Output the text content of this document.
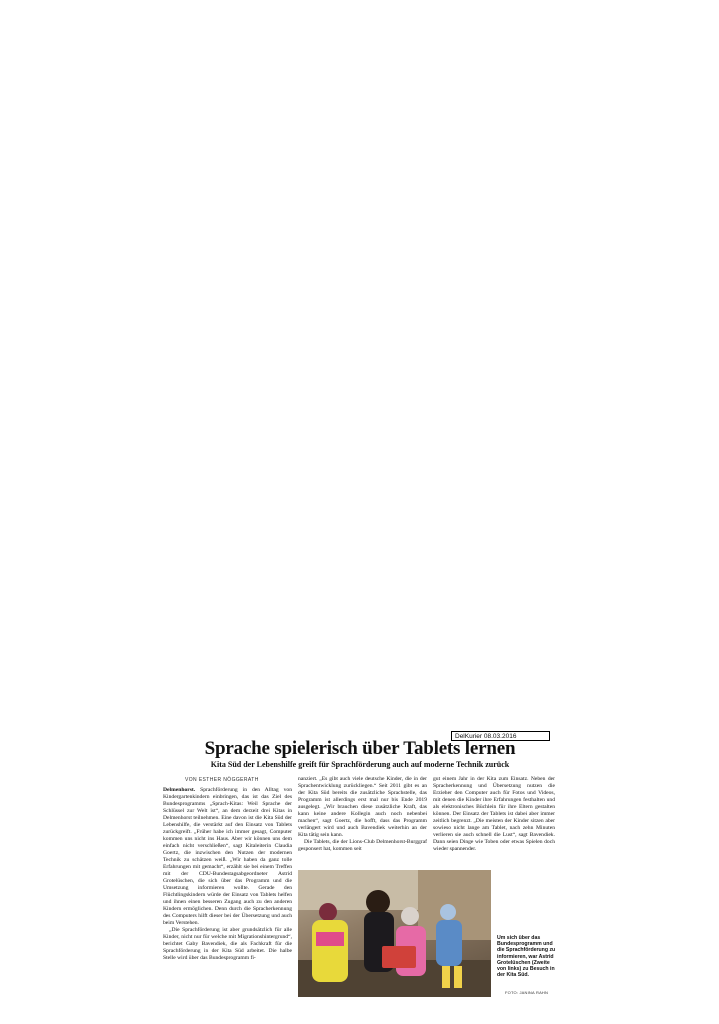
DelKurier 08.03.2016
Sprache spielerisch über Tablets lernen
Kita Süd der Lebenshilfe greift für Sprachförderung auch auf moderne Technik zurück
VON ESTHER NÖGGERATH

Delmenhorst. Sprachförderung in den Alltag von Kindergartenkindern einbringen, das ist das Ziel des Bundesprogramms „Sprach-Kitas: Weil Sprache der Schlüssel zur Welt ist“, an dem derzeit drei Kitas in Delmenhorst teilnehmen. Eine davon ist die Kita Süd der Lebenshilfe, die verstärkt auf den Einsatz von Tablets zurückgreift. „Früher habe ich immer gesagt, Computer kommen uns nicht ins Haus. Aber wir können uns dem einfach nicht verschließen“, sagt Kitaleiterin Claudia Goertz, die inzwischen den Nutzen der modernen Technik zu schätzen weiß. „Wir haben da ganz tolle Erfahrungen mit gemacht“, erzählt sie bei einem Treffen mit der CDU-Bundestagsabgeordneter Astrid Grotelüschen, die sich über das Programm und die Umsetzung informieren wollte. Gerade den Flüchtlingskindern würde der Einsatz von Tablets helfen und ihnen einen besseren Zugang auch zu den anderen Kindern ermöglichen. Denn durch die Spracherkennung des Computers hilft dieser bei der Übersetzung und auch beim Verstehen.

„Die Sprachförderung ist aber grundsätzlich für alle Kinder, nicht nur für welche mit Migrationshintergrund“, berichtet Gaby Bavendiek, die als Fachkraft für die Sprachförderung in der Kita Süd arbeitet. Die halbe Stelle wird über das Bundesprogramm fi-

nanziert. „Es gibt auch viele deutsche Kinder, die in der Sprachentwicklung zurückliegen.“ Seit 2011 gibt es an der Kita Süd bereits die zusätzliche Sprachstelle, das Programm ist allerdings erst mal nur bis Ende 2019 ausgelegt. „Wir brauchen diese zusätzliche Kraft, das kann keine andere Kollegin auch noch nebenbei machen“, sagt Goertz, die hofft, dass das Programm verlängert wird und auch Bavendiek weiterhin an der Kita tätig sein kann.

Die Tablets, die der Lions-Club Delmenhorst-Burggraf gesponsert hat, kommen seit

gut einem Jahr in der Kita zum Einsatz. Neben der Spracherkennung und Übersetzung nutzen die Erzieher den Computer auch für Fotos und Videos, mit denen die Kinder ihre Erfahrungen festhalten und als elektronisches Büchlein für ihre Eltern gestalten können. Der Einsatz der Tablets ist dabei aber immer zeitlich begrenzt. „Die meisten der Kinder sitzen aber sowieso nicht lange am Tablet, nach zehn Minuten verlieren sie auch schnell die Lust“, sagt Bavendiek. Dann seien Dinge wie Toben oder etwas Spielen doch wieder spannender.

Um sich über das Bundesprogramm und die Sprachförderung zu informieren, war Astrid Grotelüschen (Zweite von links) zu Besuch in der Kita Süd.
FOTO: JANINA RAHN
